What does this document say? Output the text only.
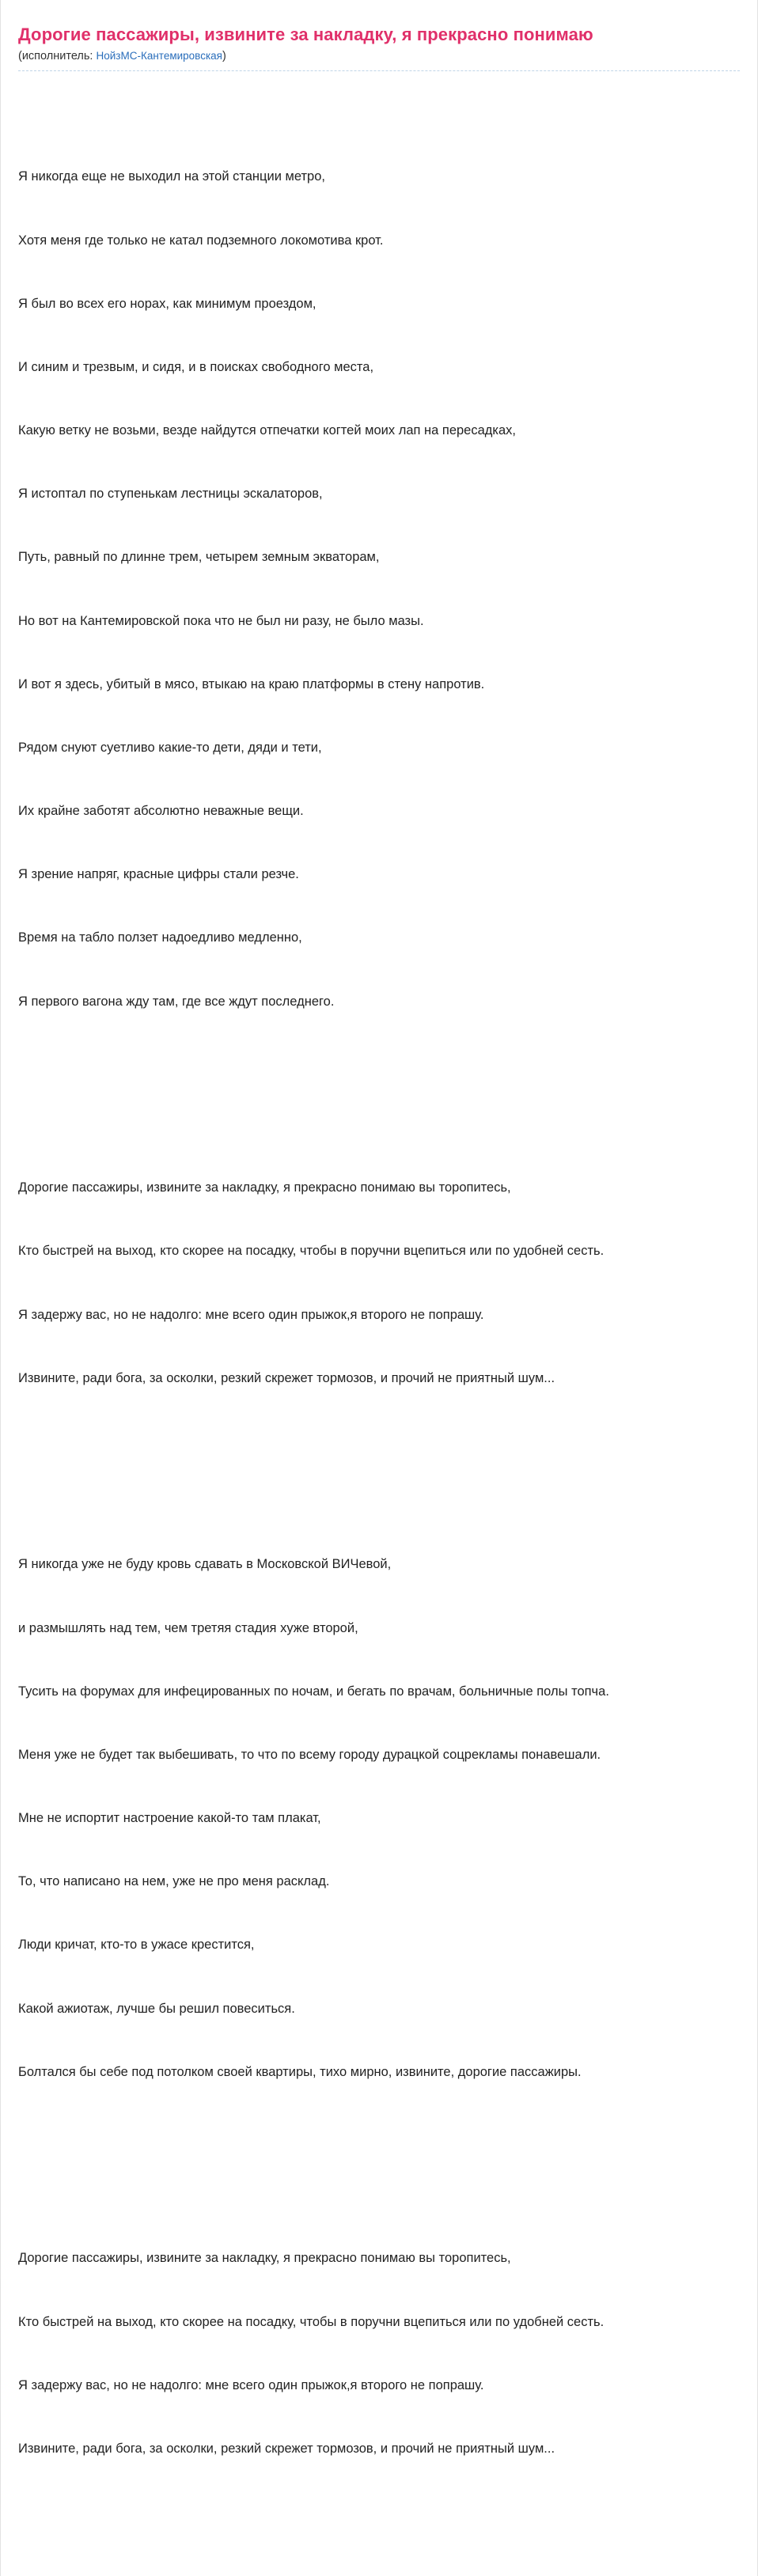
Дорогие пассажиры, извините за накладку, я прекрасно понимаю
(исполнитель: НойзМС-Кантемировская)

Я никогда еще не выходил на этой станции метро,

Хотя меня где только не катал подземного локомотива крот.

Я был во всех его норах, как минимум проездом,

И синим и трезвым, и сидя, и в поисках свободного места,

Какую ветку не возьми, везде найдутся отпечатки когтей моих лап на пересадках,

Я истоптал по ступенькам лестницы эскалаторов,

Путь, равный по длинне трем, четырем земным экваторам,

Но вот на Кантемировской пока что не был ни разу, не было мазы.

И вот я здесь, убитый в мясо, втыкаю на краю платформы в стену напротив.

Рядом снуют суетливо какие-то дети, дяди и тети,

Их крайне заботят абсолютно неважные вещи.

Я зрение напряг, красные цифры стали резче.

Время на табло ползет надоедливо медленно,

Я первого вагона жду там, где все ждут последнего.

Дорогие пассажиры, извините за накладку, я прекрасно понимаю вы торопитесь,

Кто быстрей на выход, кто скорее на посадку, чтобы в поручни вцепиться или по удобней сесть.

Я задержу вас, но не надолго: мне всего один прыжок,я второго не попрашу.

Извините, ради бога, за осколки, резкий скрежет тормозов, и прочий не приятный шум...

Я никогда уже не буду кровь сдавать в Московской ВИЧевой,

и размышлять над тем, чем третяя стадия хуже второй,

Тусить на форумах для инфецированных по ночам, и бегать по врачам, больничные полы топча.

Меня уже не будет так выбешивать, то что по всему городу дурацкой соцрекламы понавешали.

Мне не испортит настроение какой-то там плакат,

То, что написано на нем, уже не про меня расклад.

Люди кричат, кто-то в ужасе крестится,

Какой ажиотаж, лучше бы решил повеситься.

Болтался бы себе под потолком своей квартиры, тихо мирно, извините, дорогие пассажиры.

Дорогие пассажиры, извините за накладку, я прекрасно понимаю вы торопитесь,

Кто быстрей на выход, кто скорее на посадку, чтобы в поручни вцепиться или по удобней сесть.

Я задержу вас, но не надолго: мне всего один прыжок,я второго не попрашу.

Извините, ради бога, за осколки, резкий скрежет тормозов, и прочий не приятный шум...
